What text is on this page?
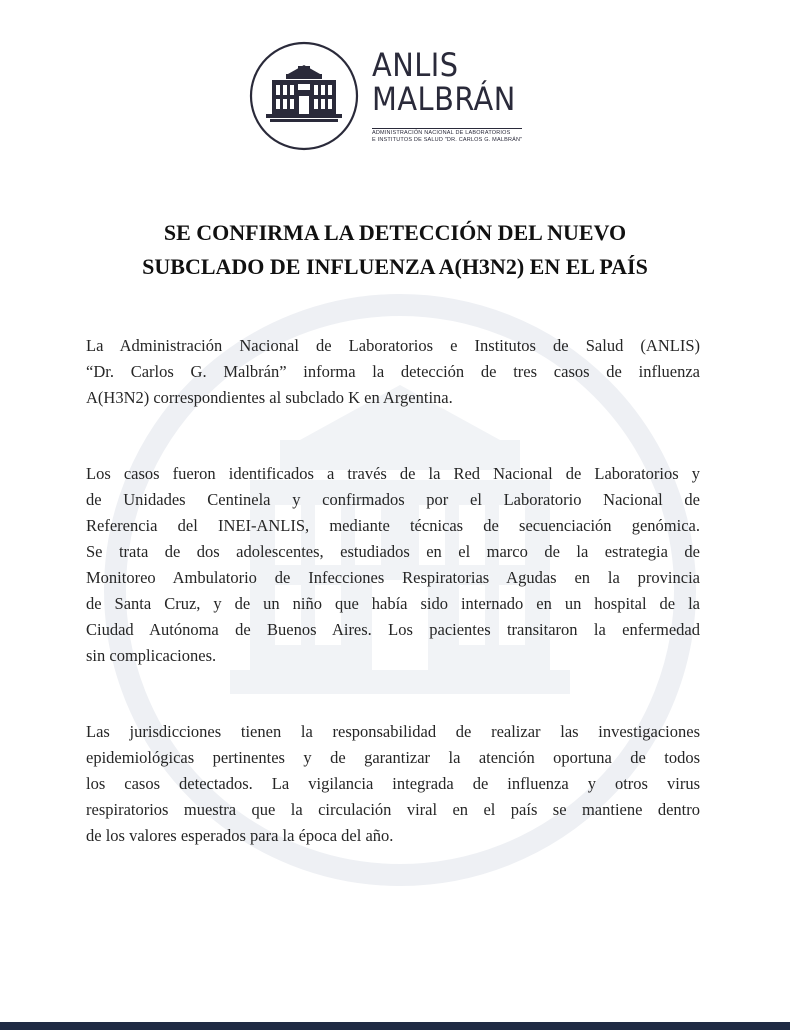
ANLIS
MALBRÁN
ADMINISTRACIÓN NACIONAL DE LABORATORIOS
E INSTITUTOS DE SALUD "DR. CARLOS G. MALBRÁN"
SE CONFIRMA LA DETECCIÓN DEL NUEVO
SUBCLADO DE INFLUENZA A(H3N2) EN EL PAÍS

La Administración Nacional de Laboratorios e Institutos de Salud (ANLIS)
“Dr. Carlos G. Malbrán” informa la detección de tres casos de influenza
A(H3N2) correspondientes al subclado K en Argentina.

Los casos fueron identificados a través de la Red Nacional de Laboratorios y
de Unidades Centinela y confirmados por el Laboratorio Nacional de
Referencia del INEI-ANLIS, mediante técnicas de secuenciación genómica.
Se trata de dos adolescentes, estudiados en el marco de la estrategia de
Monitoreo Ambulatorio de Infecciones Respiratorias Agudas en la provincia
de Santa Cruz, y de un niño que había sido internado en un hospital de la
Ciudad Autónoma de Buenos Aires. Los pacientes transitaron la enfermedad
sin complicaciones.

Las jurisdicciones tienen la responsabilidad de realizar las investigaciones
epidemiológicas pertinentes y de garantizar la atención oportuna de todos
los casos detectados. La vigilancia integrada de influenza y otros virus
respiratorios muestra que la circulación viral en el país se mantiene dentro
de los valores esperados para la época del año.
